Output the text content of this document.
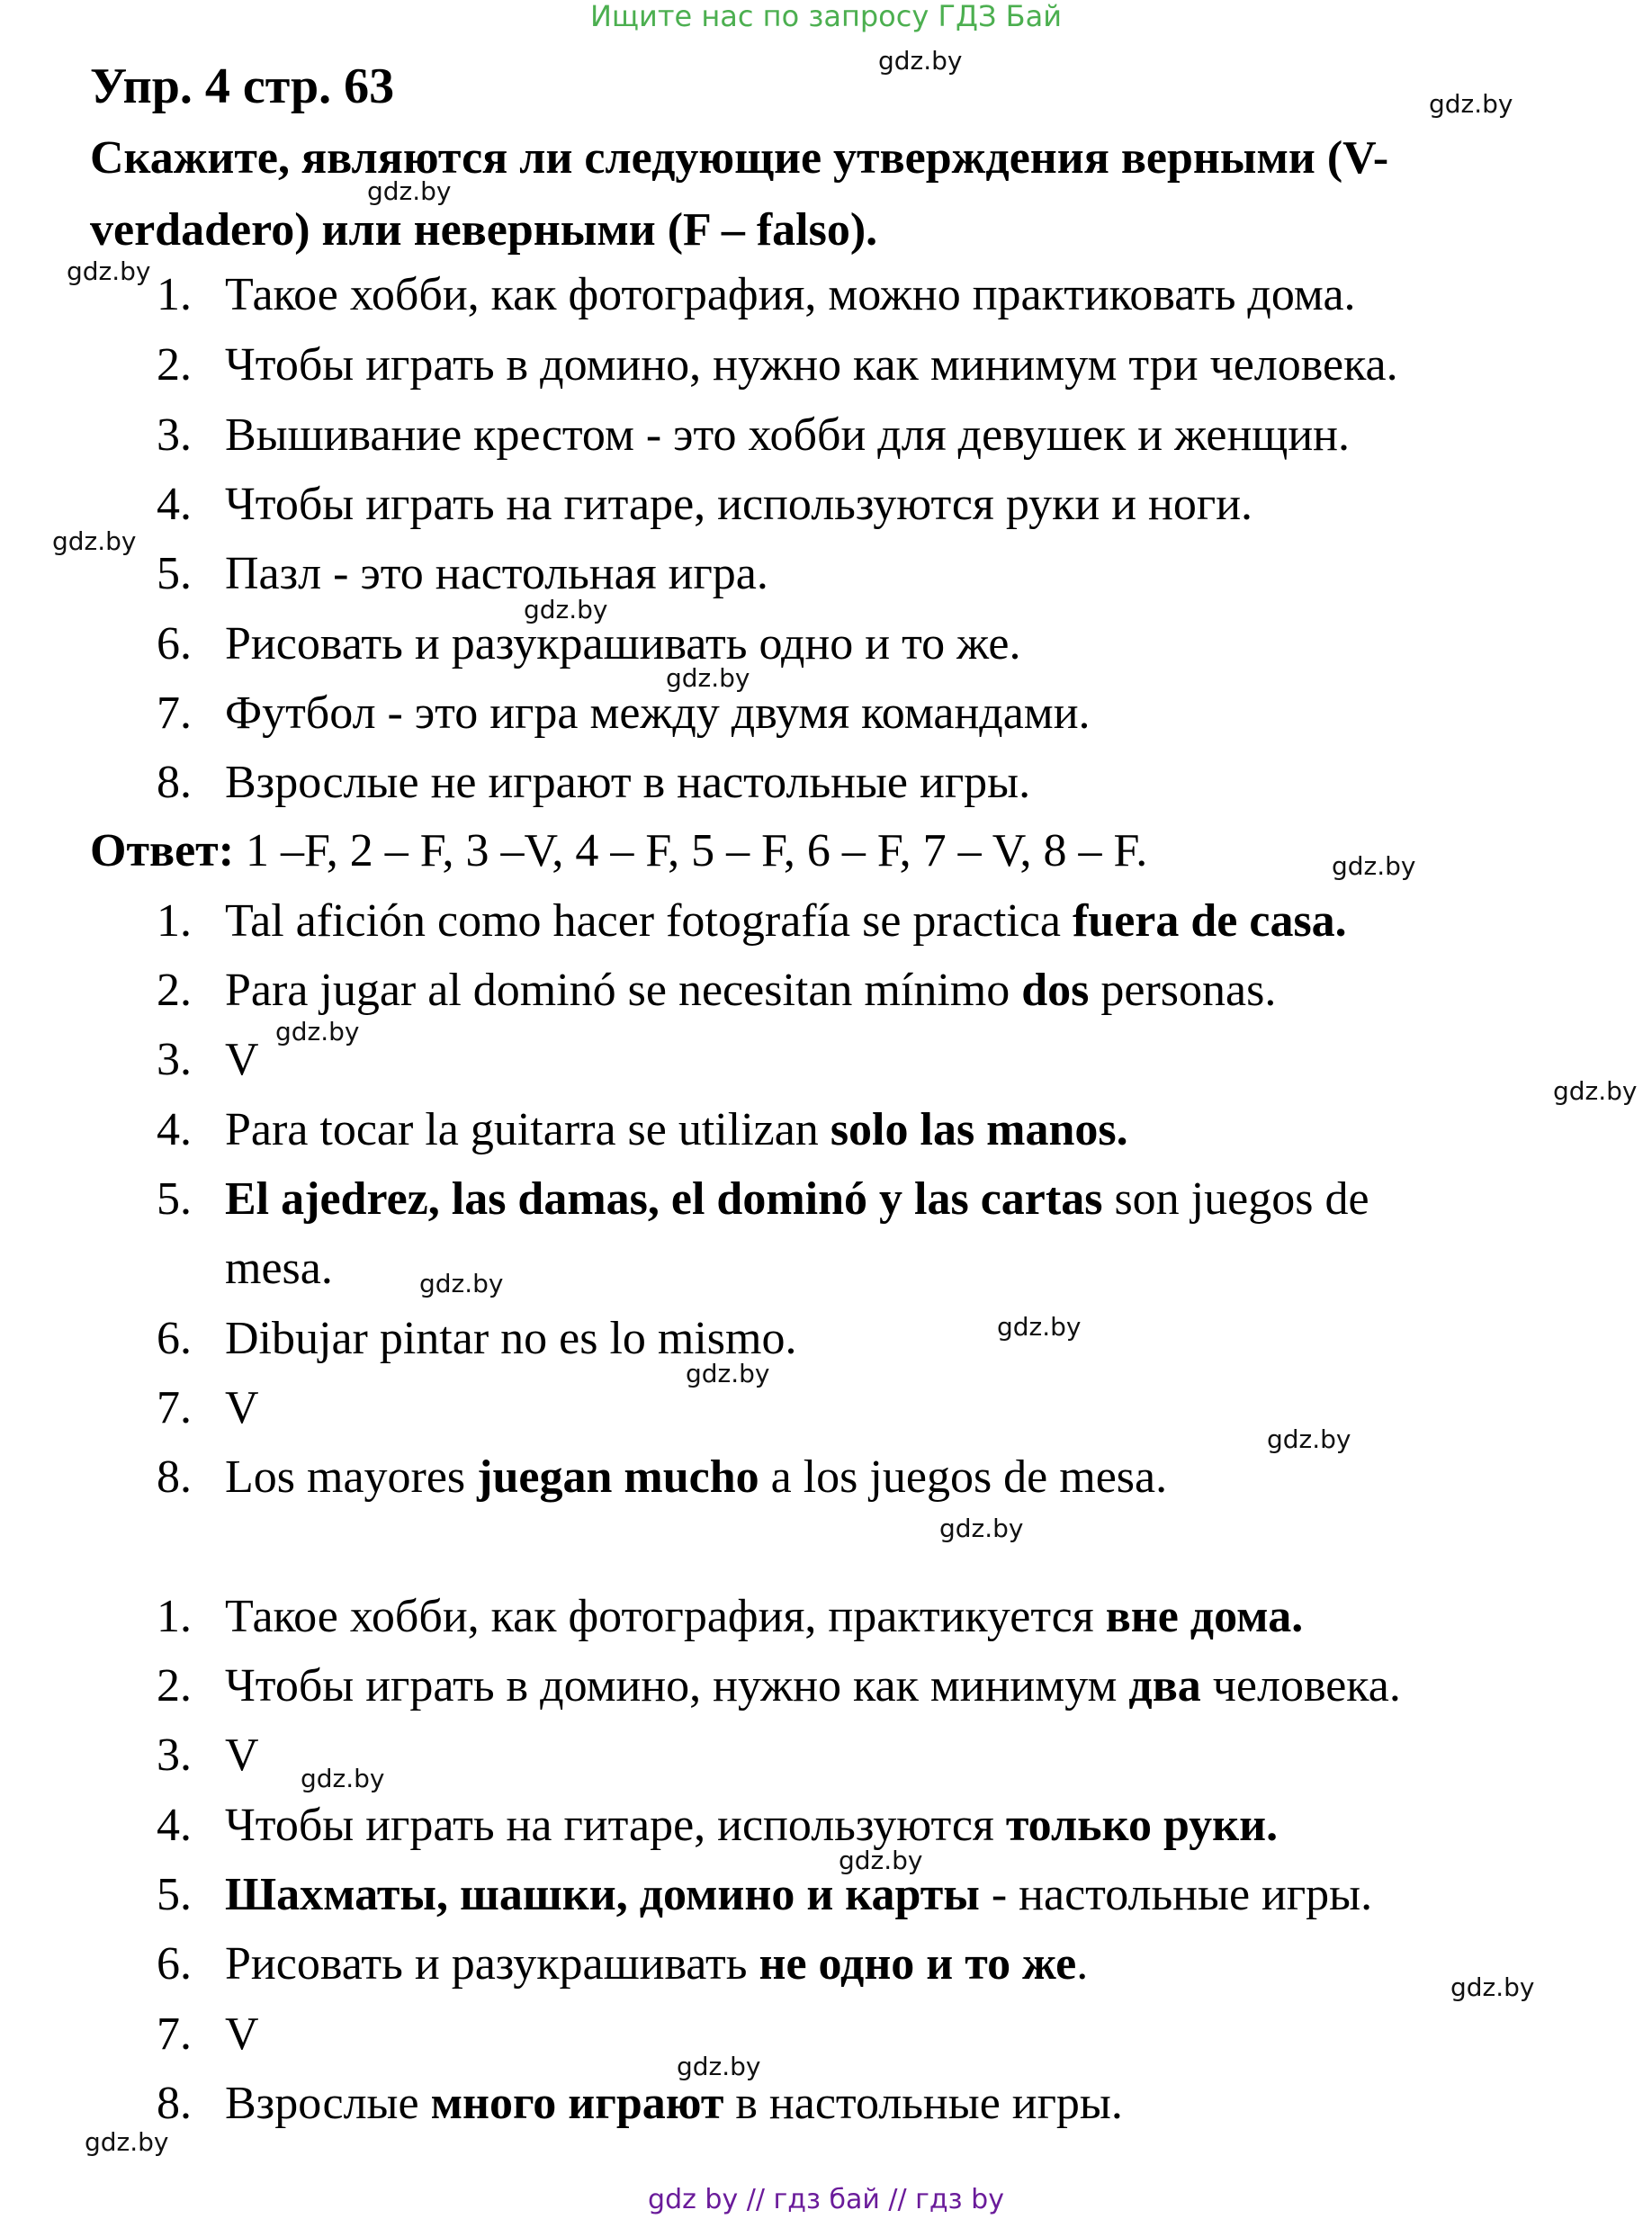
Ищите нас по запросу ГДЗ Бай
Упр. 4 стр. 63
Скажите, являются ли следующие утверждения верными (V-verdadero) или неверными (F – falso).
1. Такое хобби, как фотография, можно практиковать дома.
2. Чтобы играть в домино, нужно как минимум три человека.
3. Вышивание крестом - это хобби для девушек и женщин.
4. Чтобы играть на гитаре, используются руки и ноги.
5. Пазл - это настольная игра.
6. Рисовать и разукрашивать одно и то же.
7. Футбол - это игра между двумя командами.
8. Взрослые не играют в настольные игры.
Ответ: 1 –F, 2 – F, 3 –V, 4 – F, 5 – F, 6 – F, 7 – V, 8 – F.
1. Tal afición como hacer fotografía se practica fuera de casa.
2. Para jugar al dominó se necesitan mínimo dos personas.
3. V
4. Para tocar la guitarra se utilizan solo las manos.
5. El ajedrez, las damas, el dominó y las cartas son juegos de
mesa.
6. Dibujar pintar no es lo mismo.
7. V
8. Los mayores juegan mucho a los juegos de mesa.
1. Такое хобби, как фотография, практикуется вне дома.
2. Чтобы играть в домино, нужно как минимум два человека.
3. V
4. Чтобы играть на гитаре, используются только руки.
5. Шахматы, шашки, домино и карты - настольные игры.
6. Рисовать и разукрашивать не одно и то же.
7. V
8. Взрослые много играют в настольные игры.
gdz.by
gdz.by
gdz.by
gdz.by
gdz.by
gdz.by
gdz.by
gdz.by
gdz.by
gdz.by
gdz.by
gdz.by
gdz.by
gdz.by
gdz.by
gdz.by
gdz.by
gdz.by
gdz.by
gdz.by
gdz by // гдз бай // гдз by
